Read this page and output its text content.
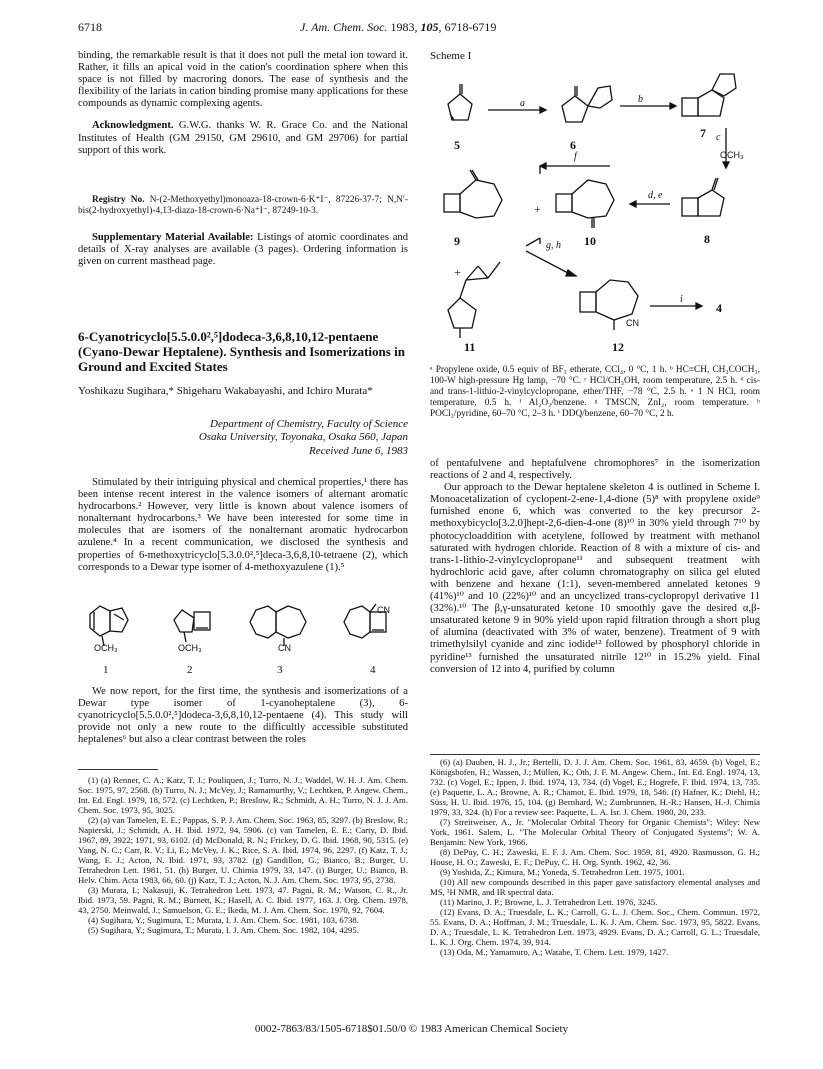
6718	J. Am. Chem. Soc. 1983, 105, 6718-6719

binding, the remarkable result is that it does not pull the metal ion toward it. Rather, it fills an apical void in the cation's coordination sphere when this space is not filled by macroring donors. The ease of synthesis and the flexibility of the lariats in cation binding promise many applications for these compounds as dynamic complexing agents.

Acknowledgment. G.W.G. thanks W. R. Grace Co. and the National Institutes of Health (GM 29150, GM 29610, and GM 29706) for partial support of this work.

Registry No. N-(2-Methoxyethyl)monoaza-18-crown-6·K⁺I⁻, 87226-37-7; N,N′-bis(2-hydroxyethyl)-4,13-diaza-18-crown-6·Na⁺I⁻, 87249-10-3.

Supplementary Material Available: Listings of atomic coordinates and details of X-ray analyses are available (3 pages). Ordering information is given on current masthead page.

6-Cyanotricyclo[5.5.0.0²,⁵]dodeca-3,6,8,10,12-pentaene (Cyano-Dewar Heptalene). Synthesis and Isomerizations in Ground and Excited States
Yoshikazu Sugihara,* Shigeharu Wakabayashi, and Ichiro Murata*
Department of Chemistry, Faculty of Science
Osaka University, Toyonaka, Osaka 560, Japan
Received June 6, 1983

Stimulated by their intriguing physical and chemical properties,¹ there has been intense recent interest in the valence isomers of alternant aromatic hydrocarbons.² However, very little is known about valence isomers of nonalternant hydrocarbons.³ We have been interested for some time in molecules that are isomers of the nonalternant aromatic hydrocarbon azulene.⁴ In a recent communication, we disclosed the synthesis and properties of 6-methoxytricyclo[5.3.0.0²,⁵]deca-3,6,8,10-tetraene (2), which corresponds to a Dewar type isomer of 4-methoxyazulene (1).⁵

OCH₃	OCH₃	CN
CN
1	2	3	4

We now report, for the first time, the synthesis and isomerizations of a Dewar type isomer of 1-cyanoheptalene (3), 6-cyanotricyclo[5.5.0.0²,⁵]dodeca-3,6,8,10,12-pentaene (4). This study will provide not only a new route to the difficultly accessible substituted heptalenes⁶ but also a clear contrast between the roles

(1) (a) Renner, C. A.; Katz, T. J.; Pouliquen, J.; Turro, N. J.; Waddel, W. H. J. Am. Chem. Soc. 1975, 97, 2568. (b) Turro, N. J.; McVey, J.; Ramamurthy, V.; Lechtken, P. Angew. Chem., Int. Ed. Engl. 1979, 18, 572. (c) Lechtken, P.; Breslow, R.; Schmidt, A. H.; Turro, N. J. J. Am. Chem. Soc. 1973, 95, 3025.

(2) (a) van Tamelen, E. E.; Pappas, S. P. J. Am. Chem. Soc. 1963, 85, 3297. (b) Breslow, R.; Napierski, J.; Schmidt, A. H. Ibid. 1972, 94, 5906. (c) van Tamelen, E. E.; Carty, D. Ibid. 1967, 89, 3922; 1971, 93, 6102. (d) McDonald, R. N.; Frickey, D. G. Ibid. 1968, 90, 5315. (e) Yang, N. C.; Carr, R. V.; Li, E.; McVey, J. K.; Rice, S. A. Ibid. 1974, 96, 2297. (f) Katz, T. J.; Wang, E. J.; Acton, N. Ibid. 1971, 93, 3782. (g) Gandillon, G.; Bianco, B.; Burger, U. Tetrahedron Lett. 1981, 51. (h) Burger, U. Chimia 1979, 33, 147. (i) Burger, U.; Bianco, B. Helv. Chim. Acta 1983, 66, 60. (j) Katz, T. J.; Acton, N. J. Am. Chem. Soc. 1973, 95, 2738.

(3) Murata, I.; Nakasuji, K. Tetrahedron Lett. 1973, 47. Pagni, R. M.; Watson, C. R., Jr. Ibid. 1973, 59. Pagni, R. M.; Burnett, K.; Hasell, A. C. Ibid. 1977, 163. J. Org. Chem. 1978, 43, 2750. Meinwald, J.; Samuelson, G. E.; Ikeda, M. J. Am. Chem. Soc. 1970, 92, 7604.

(4) Sugihara, Y.; Sugimura, T.; Murata, I. J. Am. Chem. Soc. 1981, 103, 6738.

(5) Sugihara, Y.; Sugimura, T.; Murata, I. J. Am. Chem. Soc. 1982, 104, 4295.

Scheme I
5	6
7
8
9	10
11	12
4
a	b
c
f
d, e
g, h
i
OCH₃
CN
+
+

ᵃ Propylene oxide, 0.5 equiv of BF₃ etherate, CCl₄, 0 °C, 1 h. ᵇ HC≡CH, CH₃COCH₃, 100-W high-pressure Hg lamp, −70 °C. ᶜ HCl/CH₃OH, room temperature, 2.5 h. ᵈ cis- and trans-1-lithio-2-vinylcyclopropane, ether/THF, −78 °C, 2.5 h. ᵉ 1 N HCl, room temperature, 0.5 h. ᶠ Al₂O₃/benzene. ᵍ TMSCN, ZnI₂, room temperature. ʰ POCl₃/pyridine, 60–70 °C, 2–3 h. ⁱ DDQ/benzene, 60–70 °C, 2 h.

of pentafulvene and heptafulvene chromophores⁷ in the isomerization reactions of 2 and 4, respectively.

Our approach to the Dewar heptalene skeleton 4 is outlined in Scheme I. Monoacetalization of cyclopent-2-ene-1,4-dione (5)⁸ with propylene oxide⁹ furnished enone 6, which was converted to the key precursor 2-methoxybicyclo[3.2.0]hept-2,6-dien-4-one (8)¹⁰ in 30% yield through 7¹⁰ by photocycloaddition with acetylene, followed by treatment with methanol saturated with hydrogen chloride. Reaction of 8 with a mixture of cis- and trans-1-lithio-2-vinylcyclopropane¹¹ and subsequent treatment with hydrochloric acid gave, after column chromatography on silica gel eluted with benzene and hexane (1:1), seven-membered annelated ketones 9 (41%)¹⁰ and 10 (22%)¹⁰ and an uncyclized trans-cyclopropyl derivative 11 (32%).¹⁰ The β,γ-unsaturated ketone 10 smoothly gave the desired α,β-unsaturated ketone 9 in 90% yield upon rapid filtration through a short plug of alumina (deactivated with 3% of water, benzene). Treatment of 9 with trimethylsilyl cyanide and zinc iodide¹² followed by phosphoryl chloride in pyridine¹³ furnished the unsaturated nitrile 12¹⁰ in 15.2% yield. Final conversion of 12 into 4, purified by column

(6) (a) Dauben, H. J., Jr.; Bertelli, D. J. J. Am. Chem. Soc. 1961, 83, 4659. (b) Vogel, E.; Königshofen, H.; Wassen, J.; Müllen, K.; Oth, J. F. M. Angew. Chem., Int. Ed. Engl. 1974, 13, 732. (c) Vogel, E.; Ippen, J. Ibid. 1974, 13, 734. (d) Vogel, E.; Hogrefe, F. Ibid. 1974, 13, 735. (e) Paquette, L. A.; Browne, A. R.; Chamot, E. Ibid. 1979, 18, 546. (f) Hafner, K.; Diehl, H.; Süss, H. U. Ibid. 1976, 15, 104. (g) Bernhard, W.; Zumbrunnen, H.-R.; Hansen, H.-J. Chimia 1979, 33, 324. (h) For a review see: Paquette, L. A. Isr. J. Chem. 1980, 20, 233.

(7) Streitweiser, A., Jr. "Molecular Orbital Theory for Organic Chemists"; Wiley: New York, 1961. Salem, L. "The Molecular Orbital Theory of Conjugated Systems"; W. A. Benjamin: New York, 1966.

(8) DePuy, C. H.; Zaweski, E. F. J. Am. Chem. Soc. 1959, 81, 4920. Rasmusson, G. H.; House, H. O.; Zaweski, E. F.; DePuy, C. H. Org. Synth. 1962, 42, 36.

(9) Yoshida, Z.; Kimura, M.; Yoneda, S. Tetrahedron Lett. 1975, 1001.

(10) All new compounds described in this paper gave satisfactory elemental analyses and MS, ¹H NMR, and IR spectral data.

(11) Marino, J. P.; Browne, L. J. Tetrahedron Lett. 1976, 3245.

(12) Evans, D. A.; Truesdale, L. K.; Carroll, G. L. J. Chem. Soc., Chem. Commun. 1972, 55. Evans, D. A.; Hoffman, J. M.; Truesdale, L. K. J. Am. Chem. Soc. 1973, 95, 5822. Evans, D. A.; Truesdale, L. K. Tetrahedron Lett. 1973, 4929. Evans, D. A.; Carroll, G. L.; Truesdale, L. K. J. Org. Chem. 1974, 39, 914.

(13) Oda, M.; Yamamuro, A.; Watabe, T. Chem. Lett. 1979, 1427.

0002-7863/83/1505-6718$01.50/0 © 1983 American Chemical Society
